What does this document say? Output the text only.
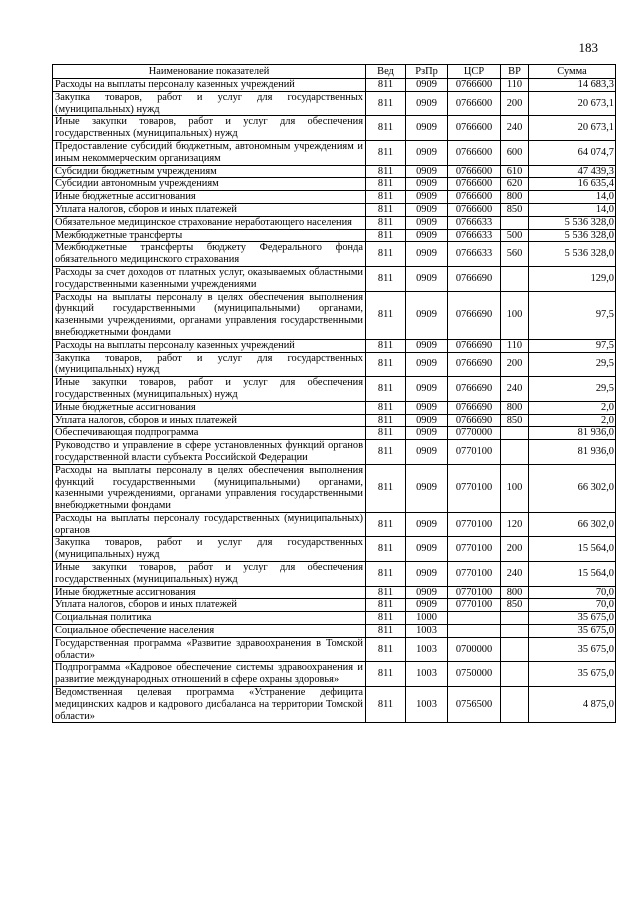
183
Наименование показателей	Вед	РзПр	ЦСР	ВР	Сумма
Расходы на выплаты персоналу казенных учреждений	811	0909	0766600	110	14 683,3
Закупка товаров, работ и услуг для государственных (муниципальных) нужд	811	0909	0766600	200	20 673,1
Иные закупки товаров, работ и услуг для обеспечения государственных (муниципальных) нужд	811	0909	0766600	240	20 673,1
Предоставление субсидий бюджетным, автономным учреждениям и иным некоммерческим организациям	811	0909	0766600	600	64 074,7
Субсидии бюджетным учреждениям	811	0909	0766600	610	47 439,3
Субсидии автономным учреждениям	811	0909	0766600	620	16 635,4
Иные бюджетные ассигнования	811	0909	0766600	800	14,0
Уплата налогов, сборов и иных платежей	811	0909	0766600	850	14,0
Обязательное медицинское страхование неработающего населения	811	0909	0766633		5 536 328,0
Межбюджетные трансферты	811	0909	0766633	500	5 536 328,0
Межбюджетные трансферты бюджету Федерального фонда обязательного медицинского страхования	811	0909	0766633	560	5 536 328,0
Расходы за счет доходов от платных услуг, оказываемых областными государственными казенными учреждениями	811	0909	0766690		129,0
Расходы на выплаты персоналу в целях обеспечения выполнения функций государственными (муниципальными) органами, казенными учреждениями, органами управления государственными внебюджетными фондами	811	0909	0766690	100	97,5
Расходы на выплаты персоналу казенных учреждений	811	0909	0766690	110	97,5
Закупка товаров, работ и услуг для государственных (муниципальных) нужд	811	0909	0766690	200	29,5
Иные закупки товаров, работ и услуг для обеспечения государственных (муниципальных) нужд	811	0909	0766690	240	29,5
Иные бюджетные ассигнования	811	0909	0766690	800	2,0
Уплата налогов, сборов и иных платежей	811	0909	0766690	850	2,0
Обеспечивающая подпрограмма	811	0909	0770000		81 936,0
Руководство и управление в сфере установленных функций органов государственной власти субъекта Российской Федерации	811	0909	0770100		81 936,0
Расходы на выплаты персоналу в целях обеспечения выполнения функций государственными (муниципальными) органами, казенными учреждениями, органами управления государственными внебюджетными фондами	811	0909	0770100	100	66 302,0
Расходы на выплаты персоналу государственных (муниципальных) органов	811	0909	0770100	120	66 302,0
Закупка товаров, работ и услуг для государственных (муниципальных) нужд	811	0909	0770100	200	15 564,0
Иные закупки товаров, работ и услуг для обеспечения государственных (муниципальных) нужд	811	0909	0770100	240	15 564,0
Иные бюджетные ассигнования	811	0909	0770100	800	70,0
Уплата налогов, сборов и иных платежей	811	0909	0770100	850	70,0
Социальная политика	811	1000			35 675,0
Социальное обеспечение населения	811	1003			35 675,0
Государственная программа «Развитие здравоохранения в Томской области»	811	1003	0700000		35 675,0
Подпрограмма «Кадровое обеспечение системы здравоохранения и развитие международных отношений в сфере охраны здоровья»	811	1003	0750000		35 675,0
Ведомственная целевая программа «Устранение дефицита медицинских кадров и кадрового дисбаланса на территории Томской области»	811	1003	0756500		4 875,0
